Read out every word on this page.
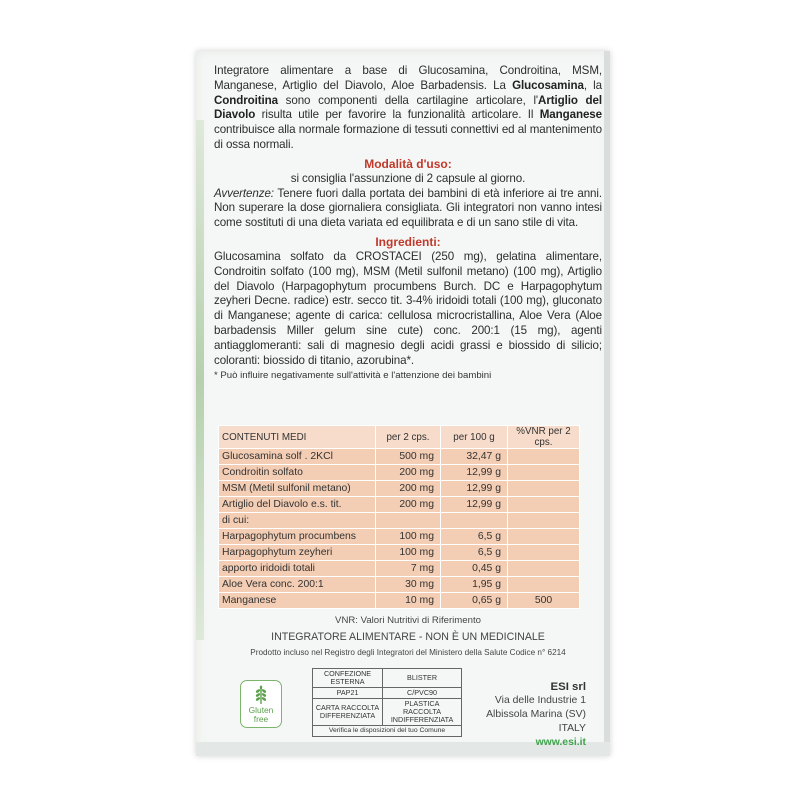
Integratore alimentare a base di Glucosamina, Condroitina, MSM, Manganese, Artiglio del Diavolo, Aloe Barbadensis. La Glucosamina, la Condroitina sono componenti della cartilagine articolare, l'Artiglio del Diavolo risulta utile per favorire la funzionalità articolare. Il Manganese contribuisce alla normale formazione di tessuti connettivi ed al mantenimento di ossa normali.

Modalità d'uso:

si consiglia l'assunzione di 2 capsule al giorno.

Avvertenze: Tenere fuori dalla portata dei bambini di età inferiore ai tre anni. Non superare la dose giornaliera consigliata. Gli integratori non vanno intesi come sostituti di una dieta variata ed equilibrata e di un sano stile di vita.

Ingredienti:

Glucosamina solfato da CROSTACEI (250 mg), gelatina alimentare, Condroitin solfato (100 mg), MSM (Metil sulfonil metano) (100 mg), Artiglio del Diavolo (Harpagophytum procumbens Burch. DC e Harpagophytum zeyheri Decne. radice) estr. secco tit. 3-4% iridoidi totali (100 mg), gluconato di Manganese; agente di carica: cellulosa microcristallina, Aloe Vera (Aloe barbadensis Miller gelum sine cute) conc. 200:1 (15 mg), agenti antiagglomeranti: sali di magnesio degli acidi grassi e biossido di silicio; coloranti: biossido di titanio, azorubina*.

* Può influire negativamente sull'attività e l'attenzione dei bambini

CONTENUTI MEDI	per 2 cps.	per 100 g	%VNR per 2 cps.
Glucosamina solf . 2KCl	500 mg	32,47 g	
Condroitin solfato	200 mg	12,99 g	
MSM (Metil sulfonil metano)	200 mg	12,99 g	
Artiglio del Diavolo e.s. tit.	200 mg	12,99 g	
di cui:			
Harpagophytum procumbens	100 mg	6,5 g	
Harpagophytum zeyheri	100 mg	6,5 g	
apporto iridoidi totali	7 mg	0,45 g	
Aloe Vera conc. 200:1	30 mg	1,95 g	
Manganese	10 mg	0,65 g	500
VNR: Valori Nutritivi di Riferimento
INTEGRATORE ALIMENTARE - NON È UN MEDICINALE
Prodotto incluso nel Registro degli Integratori del Ministero della Salute Codice n° 6214
Gluten
free
CONFEZIONE ESTERNA	BLISTER
PAP21	C/PVC90
CARTA RACCOLTA DIFFERENZIATA	PLASTICA RACCOLTA INDIFFERENZIATA
Verifica le disposizioni del tuo Comune	
ESI srl
Via delle Industrie 1
Albissola Marina (SV) ITALY
www.esi.it
